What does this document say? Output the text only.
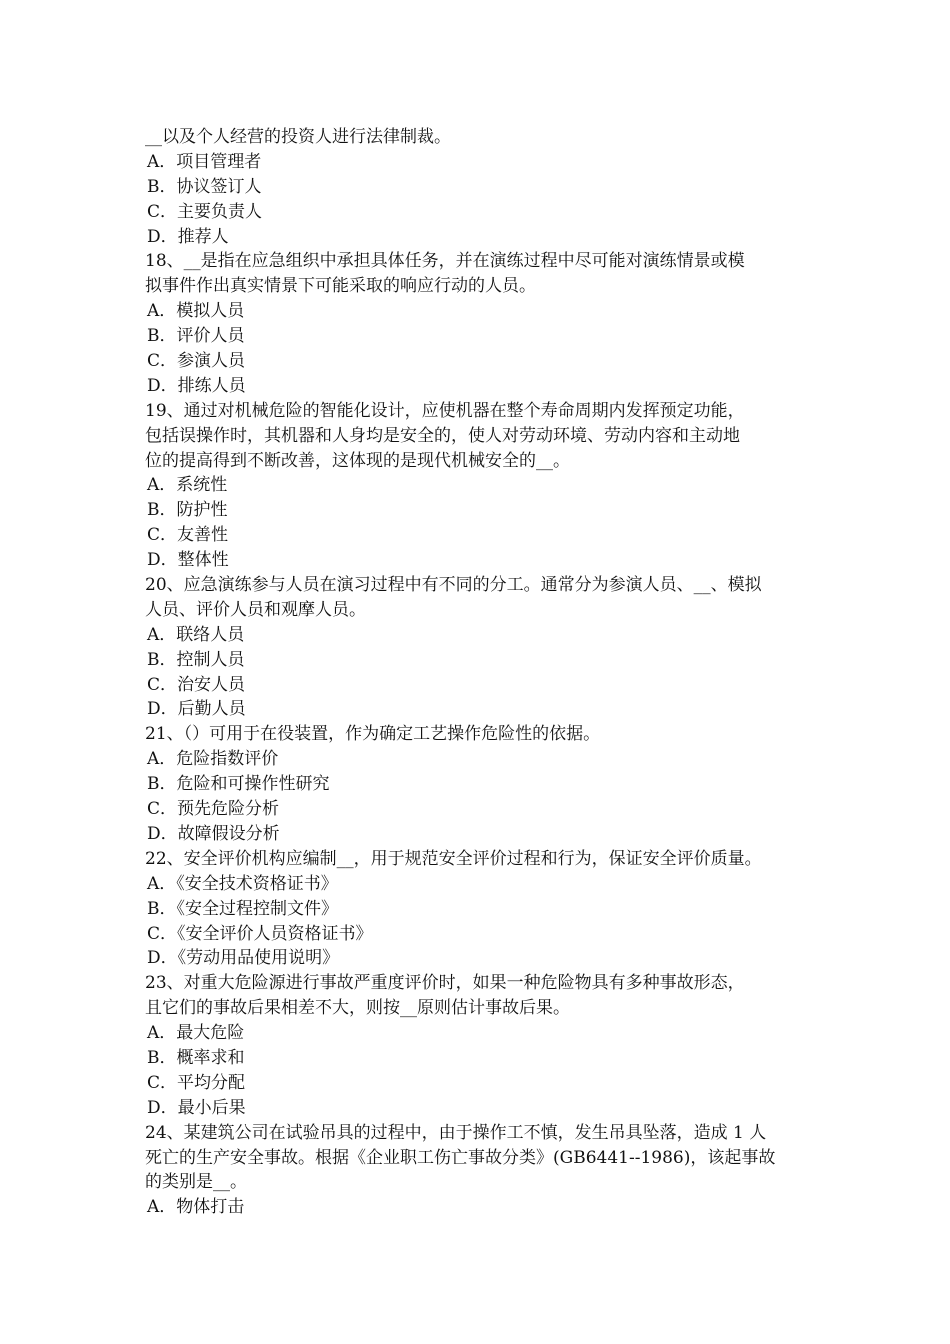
__以及个人经营的投资人进行法律制裁。
A．项目管理者
B．协议签订人
C．主要负责人
D．推荐人
18、__是指在应急组织中承担具体任务，并在演练过程中尽可能对演练情景或模
拟事件作出真实情景下可能采取的响应行动的人员。
A．模拟人员
B．评价人员
C．参演人员
D．排练人员
19、通过对机械危险的智能化设计，应使机器在整个寿命周期内发挥预定功能，
包括误操作时，其机器和人身均是安全的，使人对劳动环境、劳动内容和主动地
位的提高得到不断改善，这体现的是现代机械安全的__。
A．系统性
B．防护性
C．友善性
D．整体性
20、应急演练参与人员在演习过程中有不同的分工。通常分为参演人员、__、模拟
人员、评价人员和观摩人员。
A．联络人员
B．控制人员
C．治安人员
D．后勤人员
21、（）可用于在役装置，作为确定工艺操作危险性的依据。
A．危险指数评价
B．危险和可操作性研究
C．预先危险分析
D．故障假设分析
22、安全评价机构应编制__，用于规范安全评价过程和行为，保证安全评价质量。
A．《安全技术资格证书》
B．《安全过程控制文件》
C．《安全评价人员资格证书》
D．《劳动用品使用说明》
23、对重大危险源进行事故严重度评价时，如果一种危险物具有多种事故形态，
且它们的事故后果相差不大，则按__原则估计事故后果。
A．最大危险
B．概率求和
C．平均分配
D．最小后果
24、某建筑公司在试验吊具的过程中，由于操作工不慎，发生吊具坠落，造成 1 人
死亡的生产安全事故。根据《企业职工伤亡事故分类》(GB6441--1986)，该起事故
的类别是__。
A．物体打击
